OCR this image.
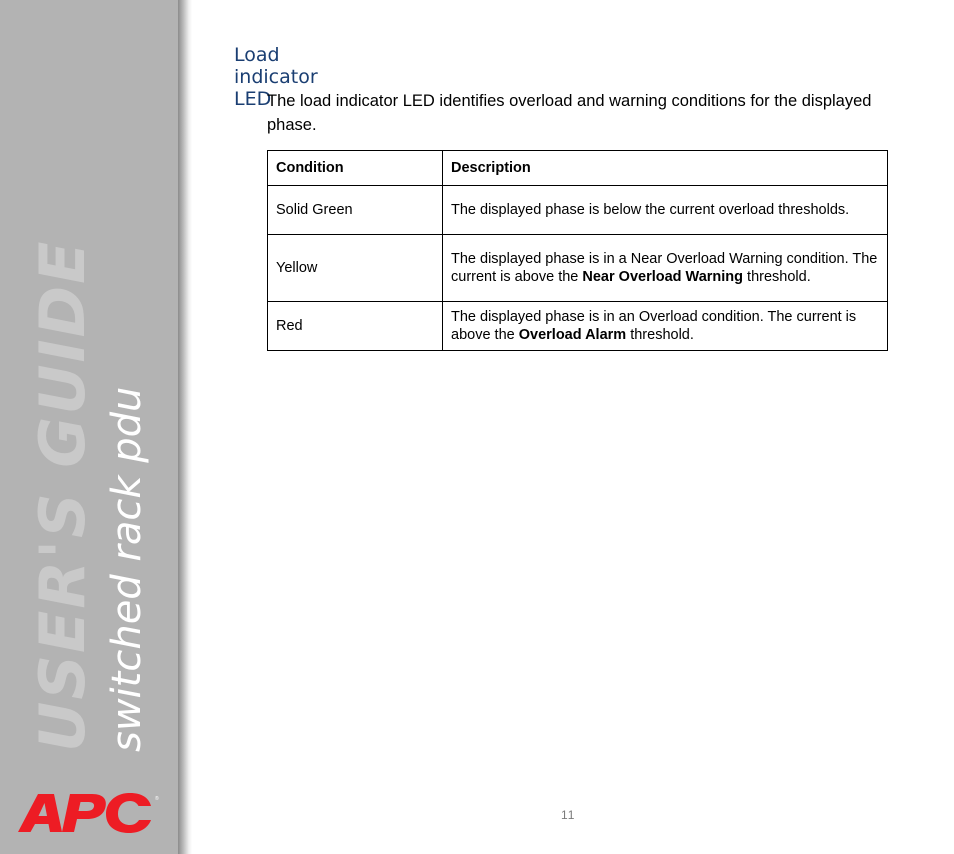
USER'S GUIDE switched rack pdu
®
Load indicator LED

The load indicator LED identifies overload and warning conditions for the displayed phase.

Condition	Description
Solid Green	The displayed phase is below the current overload thresholds.
Yellow	The displayed phase is in a Near Overload Warning condition. The current is above the Near Overload Warning threshold.
Red	The displayed phase is in an Overload condition. The current is above the Overload Alarm threshold.
11
